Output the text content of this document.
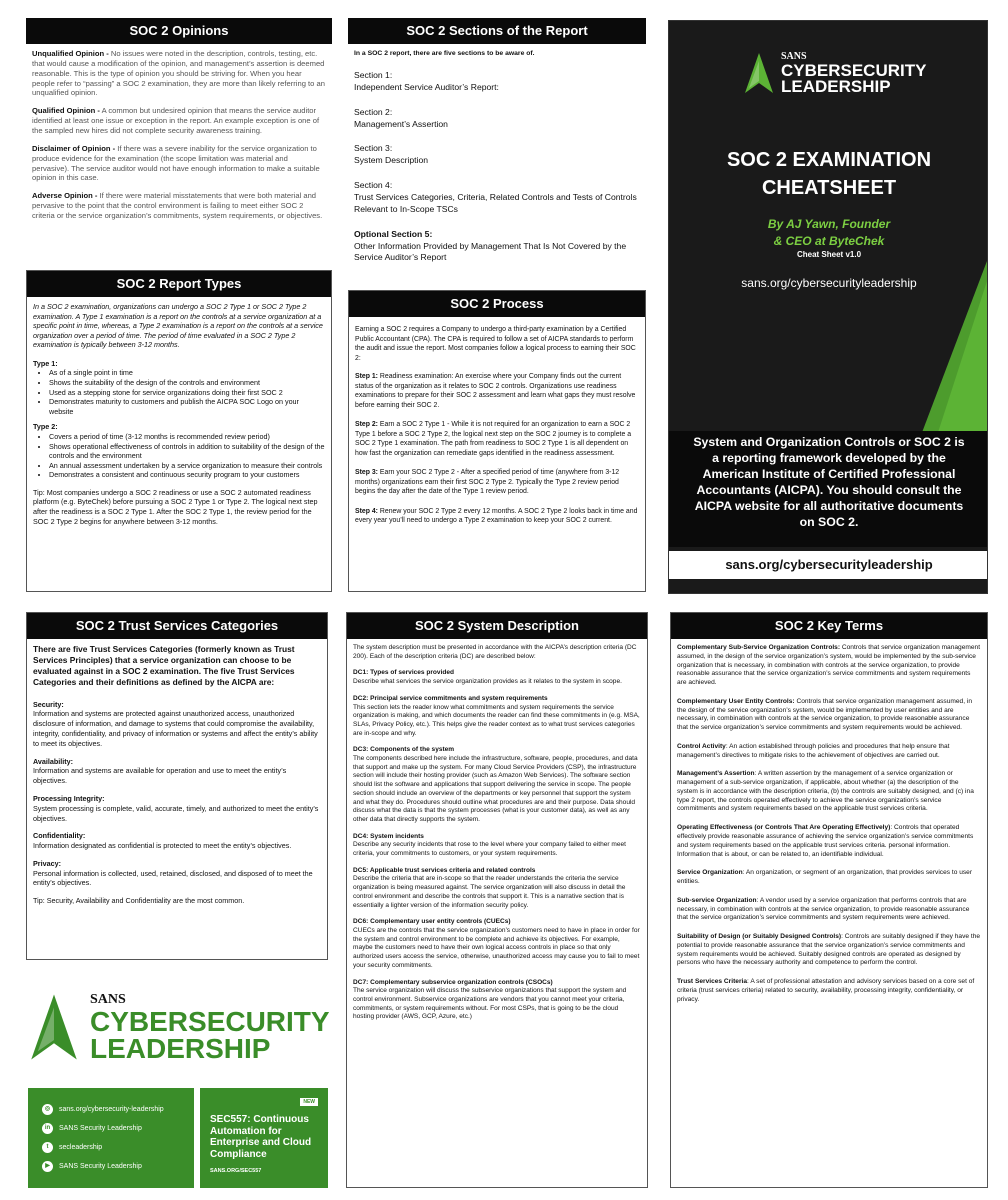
SOC 2 Opinions

Unqualified Opinion - No issues were noted in the description, controls, testing, etc. that would cause a modification of the opinion, and management’s assertion is deemed reasonable. This is the type of opinion you should be striving for. When you hear people refer to “passing” a SOC 2 examination, they are more than likely referring to an unqualified opinion.

Qualified Opinion - A common but undesired opinion that means the service auditor identified at least one issue or exception in the report. An example exception is one of the sampled new hires did not complete security awareness training.

Disclaimer of Opinion - If there was a severe inability for the service organization to produce evidence for the examination (the scope limitation was material and pervasive). The service auditor would not have enough information to make a suitable opinion in this case.

Adverse Opinion - If there were material misstatements that were both material and pervasive to the point that the control environment is failing to meet either SOC 2 criteria or the service organization’s commitments, system requirements, or objectives.

SOC 2 Report Types

In a SOC 2 examination, organizations can undergo a SOC 2 Type 1 or SOC 2 Type 2 examination. A Type 1 examination is a report on the controls at a service organization at a specific point in time, whereas, a Type 2 examination is a report on the controls at a service organization over a period of time. The period of time evaluated in a SOC 2 Type 2 examination is typically between 3-12 months.

Type 1:
• As of a single point in time
• Shows the suitability of the design of the controls and environment
• Used as a stepping stone for service organizations doing their first SOC 2
• Demonstrates maturity to customers and publish the AICPA SOC Logo on your website
Type 2:
• Covers a period of time (3-12 months is recommended review period)
• Shows operational effectiveness of controls in addition to suitability of the design of the controls and the environment
• An annual assessment undertaken by a service organization to measure their controls
• Demonstrates a consistent and continuous security program to your customers

Tip: Most companies undergo a SOC 2 readiness or use a SOC 2 automated readiness platform (e.g. ByteChek) before pursuing a SOC 2 Type 1 or Type 2. The logical next step after the readiness is a SOC 2 Type 1. After the SOC 2 Type 1, the review period for the SOC 2 Type 2 begins for anywhere between 3-12 months.

SOC 2 Sections of the Report

In a SOC 2 report, there are five sections to be aware of.

Section 1:
Independent Service Auditor’s Report:
Section 2:
Management’s Assertion
Section 3:
System Description
Section 4:
Trust Services Categories, Criteria, Related Controls and Tests of Controls Relevant to In-Scope TSCs
Optional Section 5:
Other Information Provided by Management That Is Not Covered by the Service Auditor’s Report
SOC 2 Process

Earning a SOC 2 requires a Company to undergo a third-party examination by a Certified Public Accountant (CPA). The CPA is required to follow a set of AICPA standards to perform the audit and issue the report. Most companies follow a logical process to earning their SOC 2:

Step 1: Readiness examination: An exercise where your Company finds out the current status of the organization as it relates to SOC 2 controls. Organizations use readiness examinations to prepare for their SOC 2 assessment and learn what gaps they must resolve before earning their SOC 2.

Step 2: Earn a SOC 2 Type 1 - While it is not required for an organization to earn a SOC 2 Type 1 before a SOC 2 Type 2, the logical next step on the SOC 2 journey is to complete a SOC 2 Type 1 examination. The path from readiness to SOC 2 Type 1 is all dependent on how fast the organization can remediate gaps identified in the readiness assessment.

Step 3: Earn your SOC 2 Type 2 - After a specified period of time (anywhere from 3-12 months) organizations earn their first SOC 2 Type 2. Typically the Type 2 review period begins the day after the date of the Type 1 review period.

Step 4: Renew your SOC 2 Type 2 every 12 months. A SOC 2 Type 2 looks back in time and every year you’ll need to undergo a Type 2 examination to keep your SOC 2 current.

SANS
CYBERSECURITY
LEADERSHIP
SOC 2 EXAMINATION
CHEATSHEET
By AJ Yawn, Founder
& CEO at ByteChek
Cheat Sheet v1.0
sans.org/cybersecurityleadership
System and Organization Controls or SOC 2 is a reporting framework developed by the American Institute of Certified Professional Accountants (AICPA). You should consult the AICPA website for all authoritative documents on SOC 2.
sans.org/cybersecurityleadership
SOC 2 Trust Services Categories

There are five Trust Services Categories (formerly known as Trust Services Principles) that a service organization can choose to be evaluated against in a SOC 2 examination. The five Trust Services Categories and their definitions as defined by the AICPA are:

Security:
Information and systems are protected against unauthorized access, unauthorized disclosure of information, and damage to systems that could compromise the availability, integrity, confidentiality, and privacy of information or systems and affect the entity’s ability to meet its objectives.
Availability:
Information and systems are available for operation and use to meet the entity’s objectives.
Processing Integrity:
System processing is complete, valid, accurate, timely, and authorized to meet the entity’s objectives.
Confidentiality:
Information designated as confidential is protected to meet the entity’s objectives.
Privacy:
Personal information is collected, used, retained, disclosed, and disposed of to meet the entity’s objectives.

Tip: Security, Availability and Confidentiality are the most common.

SANS
CYBERSECURITY
LEADERSHIP
◎	sans.org/cybersecurity-leadership
in	SANS Security Leadership
t	secleadership
▶	SANS Security Leadership
NEW
SEC557: Continuous Automation for Enterprise and Cloud Compliance
SANS.ORG/SEC557
SOC 2 System Description

The system description must be presented in accordance with the AICPA’s description criteria (DC 200). Each of the description criteria (DC) are described below:

DC1: Types of services provided
Describe what services the service organization provides as it relates to the system in scope.
DC2: Principal service commitments and system requirements
This section lets the reader know what commitments and system requirements the service organization is making, and which documents the reader can find these commitments in (e.g. MSA, SLAs, Privacy Policy, etc.). This helps give the reader context as to what trust services categories are in-scope and why.
DC3: Components of the system
The components described here include the infrastructure, software, people, procedures, and data that support and make up the system. For many Cloud Service Providers (CSP), the infrastructure section will include their hosting provider (such as Amazon Web Services). The software section should list the software and applications that support delivering the service in scope. The people section should include an overview of the departments or key personnel that support the system and what they do. Procedures should outline what procedures are and their purpose. Data should discuss what the data is that the system processes (what is your customer data), as well as any other data that directly supports the system.
DC4: System incidents
Describe any security incidents that rose to the level where your company failed to either meet criteria, your commitments to customers, or your system requirements.
DC5: Applicable trust services criteria and related controls
Describe the criteria that are in-scope so that the reader understands the criteria the service organization is being measured against. The service organization will also discuss in detail the control environment and describe the controls that support it. This is a narrative section that is essentially a lighter version of the information security policy.
DC6: Complementary user entity controls (CUECs)
CUECs are the controls that the service organization’s customers need to have in place in order for the system and control environment to be complete and achieve its objectives. For example, maybe the customers need to have their own logical access controls in place so that only authorized users access the service, otherwise, unauthorized access may cause you to fail to meet your security commitments.
DC7: Complementary subservice organization controls (CSOCs)
The service organization will discuss the subservice organizations that support the system and control environment. Subservice organizations are vendors that you cannot meet your criteria, commitments, or system requirements without. For most CSPs, that is going to be the cloud hosting provider (AWS, GCP, Azure, etc.)
SOC 2 Key Terms

Complementary Sub-Service Organization Controls: Controls that service organization management assumed, in the design of the service organization’s system, would be implemented by the sub-service organization that is necessary, in combination with controls at the service organization, to provide reasonable assurance that the service organization’s service commitments and system requirements are achieved.

Complementary User Entity Controls: Controls that service organization management assumed, in the design of the service organization’s system, would be implemented by user entities and are necessary, in combination with controls at the service organization, to provide reasonable assurance that the service organization’s service commitments and system requirements would be achieved.

Control Activity: An action established through policies and procedures that help ensure that management’s directives to mitigate risks to the achievement of objectives are carried out.

Management’s Assertion: A written assertion by the management of a service organization or management of a sub-service organization, if applicable, about whether (a) the description of the system is in accordance with the description criteria, (b) the controls are suitably designed, and (c) ina type 2 report, the controls operated effectively to achieve the service organization’s service commitments and system requirements based on the applicable trust services criteria.

Operating Effectiveness (or Controls That Are Operating Effectively): Controls that operated effectively provide reasonable assurance of achieving the service organization’s service commitments and system requirements based on the applicable trust services criteria. personal information. Information that is about, or can be related to, an identifiable individual.

Service Organization: An organization, or segment of an organization, that provides services to user entities.

Sub-service Organization: A vendor used by a service organization that performs controls that are necessary, in combination with controls at the service organization, to provide reasonable assurance that the service organization’s service commitments and system requirements were achieved.

Suitability of Design (or Suitably Designed Controls): Controls are suitably designed if they have the potential to provide reasonable assurance that the service organization’s service commitments and system requirements would be achieved. Suitably designed controls are operated as designed by persons who have the necessary authority and competence to perform the control.

Trust Services Criteria: A set of professional attestation and advisory services based on a core set of criteria (trust services criteria) related to security, availability, processing integrity, confidentiality, or privacy.
